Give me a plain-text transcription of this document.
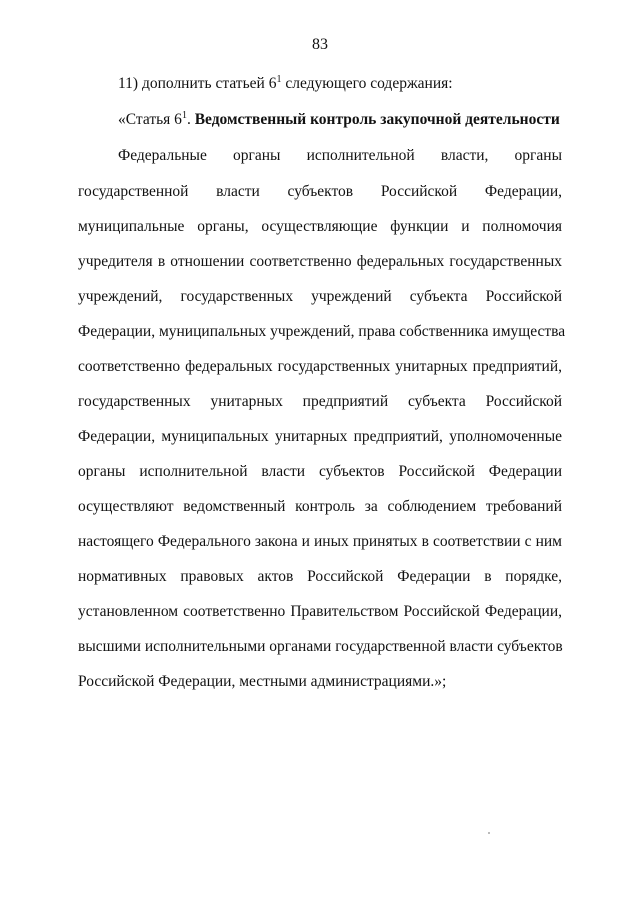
83
11) дополнить статьей $6^1$ следующего содержания:
«Статья $6^1$. Ведомственный контроль закупочной деятельности
Федеральные органы исполнительной власти, органы
государственной власти субъектов Российской Федерации,
муниципальные органы, осуществляющие функции и полномочия
учредителя в отношении соответственно федеральных государственных
учреждений, государственных учреждений субъекта Российской
Федерации, муниципальных учреждений, права собственника имущества
соответственно федеральных государственных унитарных предприятий,
государственных унитарных предприятий субъекта Российской
Федерации, муниципальных унитарных предприятий, уполномоченные
органы исполнительной власти субъектов Российской Федерации
осуществляют ведомственный контроль за соблюдением требований
настоящего Федерального закона и иных принятых в соответствии с ним
нормативных правовых актов Российской Федерации в порядке,
установленном соответственно Правительством Российской Федерации,
высшими исполнительными органами государственной власти субъектов
Российской Федерации, местными администрациями.»;
